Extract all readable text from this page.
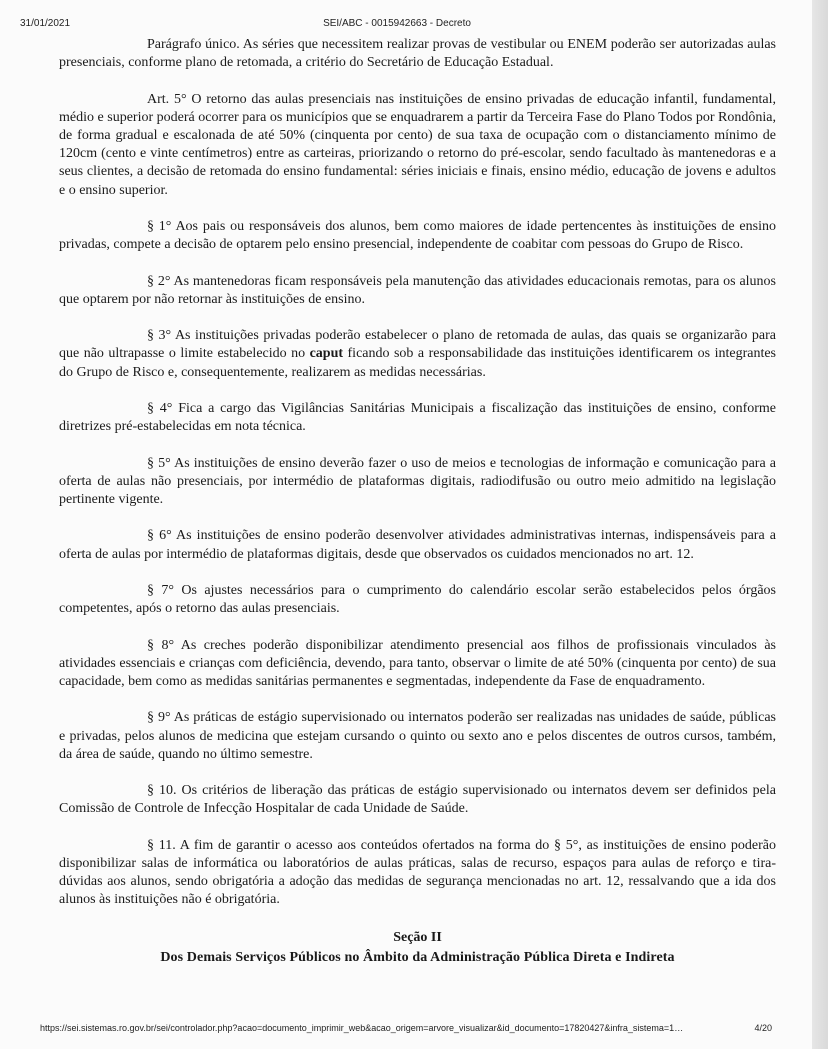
31/01/2021	SEI/ABC - 0015942663 - Decreto

Parágrafo único. As séries que necessitem realizar provas de vestibular ou ENEM poderão ser autorizadas aulas presenciais, conforme plano de retomada, a critério do Secretário de Educação Estadual.

Art. 5° O retorno das aulas presenciais nas instituições de ensino privadas de educação infantil, fundamental, médio e superior poderá ocorrer para os municípios que se enquadrarem a partir da Terceira Fase do Plano Todos por Rondônia, de forma gradual e escalonada de até 50% (cinquenta por cento) de sua taxa de ocupação com o distanciamento mínimo de 120cm (cento e vinte centímetros) entre as carteiras, priorizando o retorno do pré-escolar, sendo facultado às mantenedoras e a seus clientes, a decisão de retomada do ensino fundamental: séries iniciais e finais, ensino médio, educação de jovens e adultos e o ensino superior.

§ 1° Aos pais ou responsáveis dos alunos, bem como maiores de idade pertencentes às instituições de ensino privadas, compete a decisão de optarem pelo ensino presencial, independente de coabitar com pessoas do Grupo de Risco.

§ 2° As mantenedoras ficam responsáveis pela manutenção das atividades educacionais remotas, para os alunos que optarem por não retornar às instituições de ensino.

§ 3° As instituições privadas poderão estabelecer o plano de retomada de aulas, das quais se organizarão para que não ultrapasse o limite estabelecido no caput ficando sob a responsabilidade das instituições identificarem os integrantes do Grupo de Risco e, consequentemente, realizarem as medidas necessárias.

§ 4° Fica a cargo das Vigilâncias Sanitárias Municipais a fiscalização das instituições de ensino, conforme diretrizes pré-estabelecidas em nota técnica.

§ 5° As instituições de ensino deverão fazer o uso de meios e tecnologias de informação e comunicação para a oferta de aulas não presenciais, por intermédio de plataformas digitais, radiodifusão ou outro meio admitido na legislação pertinente vigente.

§ 6° As instituições de ensino poderão desenvolver atividades administrativas internas, indispensáveis para a oferta de aulas por intermédio de plataformas digitais, desde que observados os cuidados mencionados no art. 12.

§ 7° Os ajustes necessários para o cumprimento do calendário escolar serão estabelecidos pelos órgãos competentes, após o retorno das aulas presenciais.

§ 8° As creches poderão disponibilizar atendimento presencial aos filhos de profissionais vinculados às atividades essenciais e crianças com deficiência, devendo, para tanto, observar o limite de até 50% (cinquenta por cento) de sua capacidade, bem como as medidas sanitárias permanentes e segmentadas, independente da Fase de enquadramento.

§ 9° As práticas de estágio supervisionado ou internatos poderão ser realizadas nas unidades de saúde, públicas e privadas, pelos alunos de medicina que estejam cursando o quinto ou sexto ano e pelos discentes de outros cursos, também, da área de saúde, quando no último semestre.

§ 10. Os critérios de liberação das práticas de estágio supervisionado ou internatos devem ser definidos pela Comissão de Controle de Infecção Hospitalar de cada Unidade de Saúde.

§ 11. A fim de garantir o acesso aos conteúdos ofertados na forma do § 5°, as instituições de ensino poderão disponibilizar salas de informática ou laboratórios de aulas práticas, salas de recurso, espaços para aulas de reforço e tira-dúvidas aos alunos, sendo obrigatória a adoção das medidas de segurança mencionadas no art. 12, ressalvando que a ida dos alunos às instituições não é obrigatória.

Seção II
Dos Demais Serviços Públicos no Âmbito da Administração Pública Direta e Indireta
https://sei.sistemas.ro.gov.br/sei/controlador.php?acao=documento_imprimir_web&acao_origem=arvore_visualizar&id_documento=17820427&infra_sistema=1…	4/20
